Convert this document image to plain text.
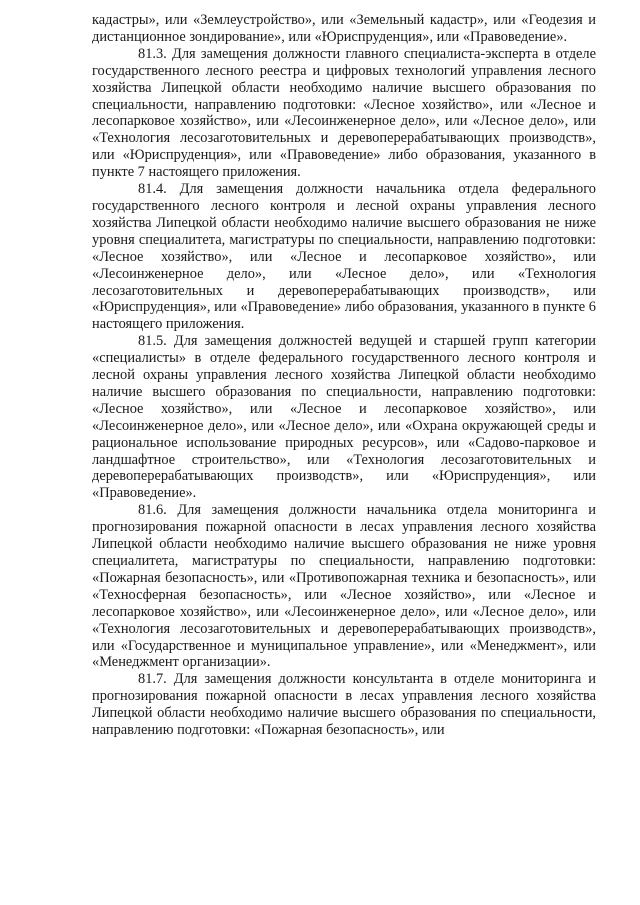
кадастры», или «Землеустройство», или «Земельный кадастр», или «Геодезия и дистанционное зондирование», или «Юриспруденция», или «Правоведение».

81.3. Для замещения должности главного специалиста-эксперта в отделе государственного лесного реестра и цифровых технологий управления лесного хозяйства Липецкой области необходимо наличие высшего образования по специальности, направлению подготовки: «Лесное хозяйство», или «Лесное и лесопарковое хозяйство», или «Лесоинженерное дело», или «Лесное дело», или «Технология лесозаготовительных и деревоперерабатывающих производств», или «Юриспруденция», или «Правоведение» либо образования, указанного в пункте 7 настоящего приложения.

81.4. Для замещения должности начальника отдела федерального государственного лесного контроля и лесной охраны управления лесного хозяйства Липецкой области необходимо наличие высшего образования не ниже уровня специалитета, магистратуры по специальности, направлению подготовки: «Лесное хозяйство», или «Лесное и лесопарковое хозяйство», или «Лесоинженерное дело», или «Лесное дело», или «Технология лесозаготовительных и деревоперерабатывающих производств», или «Юриспруденция», или «Правоведение» либо образования, указанного в пункте 6 настоящего приложения.

81.5. Для замещения должностей ведущей и старшей групп категории «специалисты» в отделе федерального государственного лесного контроля и лесной охраны управления лесного хозяйства Липецкой области необходимо наличие высшего образования по специальности, направлению подготовки: «Лесное хозяйство», или «Лесное и лесопарковое хозяйство», или «Лесоинженерное дело», или «Лесное дело», или «Охрана окружающей среды и рациональное использование природных ресурсов», или «Садово-парковое и ландшафтное строительство», или «Технология лесозаготовительных и деревоперерабатывающих производств», или «Юриспруденция», или «Правоведение».

81.6. Для замещения должности начальника отдела мониторинга и прогнозирования пожарной опасности в лесах управления лесного хозяйства Липецкой области необходимо наличие высшего образования не ниже уровня специалитета, магистратуры по специальности, направлению подготовки: «Пожарная безопасность», или «Противопожарная техника и безопасность», или «Техносферная безопасность», или «Лесное хозяйство», или «Лесное и лесопарковое хозяйство», или «Лесоинженерное дело», или «Лесное дело», или «Технология лесозаготовительных и деревоперерабатывающих производств», или «Государственное и муниципальное управление», или «Менеджмент», или «Менеджмент организации».

81.7. Для замещения должности консультанта в отделе мониторинга и прогнозирования пожарной опасности в лесах управления лесного хозяйства Липецкой области необходимо наличие высшего образования по специальности, направлению подготовки: «Пожарная безопасность», или
